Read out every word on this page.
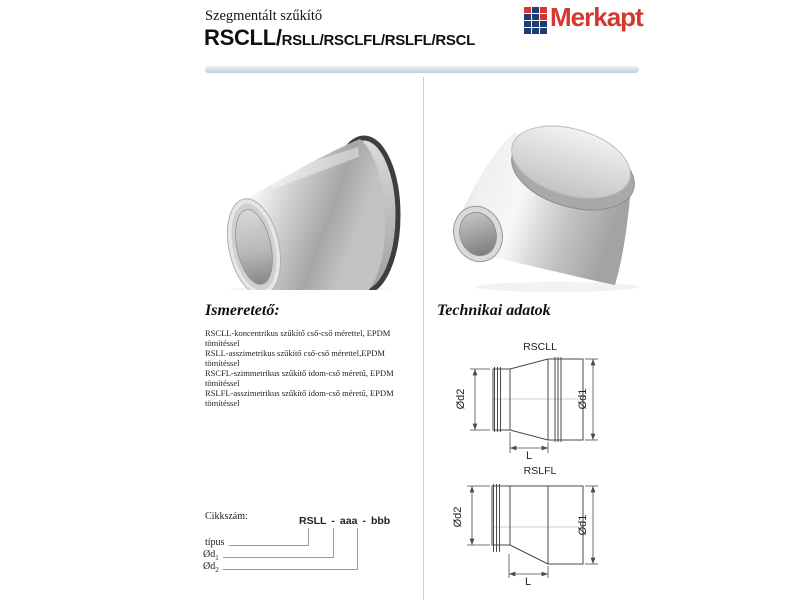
Szegmentált szűkítő
RSCLL/ RSLL/RSCLFL/RSLFL/RSCL
Merkapt
Ismeretető:
RSCLL-koncentrikus szűkítő cső-cső mérettel, EPDM tömítéssel
RSLL-asszimetrikus szűkítő cső-cső mérettel,EPDM tömítéssel
RSCFL-szimmetrikus szűkítő idom-cső méretű, EPDM tömítéssel
RSLFL-asszimetrikus szűkítő idom-cső méretű, EPDM tömítéssel
Cikkszám:	RSLL - aaa - bbb
típus
$Ød_1$
$Ød_2$
Technikai adatok
RSCLL
Ød2	Ød1
L
RSLFL
Ød2	Ød1
L
